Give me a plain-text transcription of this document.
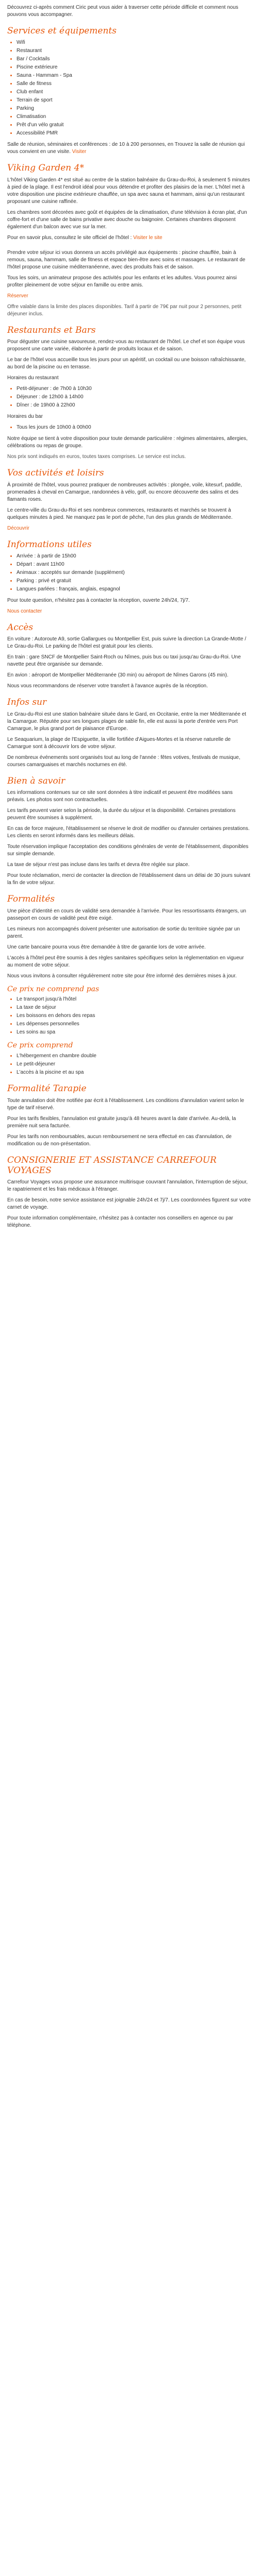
Découvrez ci-après comment Ciric peut vous aider à traverser cette période difficile et comment nous pouvons vous accompagner.

Services et équipements
• Wifi
• Restaurant
• Bar / Cocktails
• Piscine extérieure
• Sauna - Hammam - Spa
• Salle de fitness
• Club enfant
• Terrain de sport
• Parking
• Climatisation
• Prêt d'un vélo gratuit
• Accessibilité PMR

Salle de réunion, séminaires et conférences : de 10 à 200 personnes, en Trouvez la salle de réunion qui vous convient en une visite. Visiter

Viking Garden 4*

L'hôtel Viking Garden 4* est situé au centre de la station balnéaire du Grau-du-Roi, à seulement 5 minutes à pied de la plage. Il est l'endroit idéal pour vous détendre et profiter des plaisirs de la mer. L'hôtel met à votre disposition une piscine extérieure chauffée, un spa avec sauna et hammam, ainsi qu'un restaurant proposant une cuisine raffinée.

Les chambres sont décorées avec goût et équipées de la climatisation, d'une télévision à écran plat, d'un coffre-fort et d'une salle de bains privative avec douche ou baignoire. Certaines chambres disposent également d'un balcon avec vue sur la mer.

Pour en savoir plus, consultez le site officiel de l'hôtel : Visiter le site

Prendre votre séjour ici vous donnera un accès privilégié aux équipements : piscine chauffée, bain à remous, sauna, hammam, salle de fitness et espace bien-être avec soins et massages. Le restaurant de l'hôtel propose une cuisine méditerranéenne, avec des produits frais et de saison.

Tous les soirs, un animateur propose des activités pour les enfants et les adultes. Vous pourrez ainsi profiter pleinement de votre séjour en famille ou entre amis.

Réserver

Offre valable dans la limite des places disponibles. Tarif à partir de 79€ par nuit pour 2 personnes, petit déjeuner inclus.

Restaurants et Bars

Pour déguster une cuisine savoureuse, rendez-vous au restaurant de l'hôtel. Le chef et son équipe vous proposent une carte variée, élaborée à partir de produits locaux et de saison.

Le bar de l'hôtel vous accueille tous les jours pour un apéritif, un cocktail ou une boisson rafraîchissante, au bord de la piscine ou en terrasse.

Horaires du restaurant

• Petit-déjeuner : de 7h00 à 10h30
• Déjeuner : de 12h00 à 14h00
• Dîner : de 19h00 à 22h00

Horaires du bar

• Tous les jours de 10h00 à 00h00

Notre équipe se tient à votre disposition pour toute demande particulière : régimes alimentaires, allergies, célébrations ou repas de groupe.

Nos prix sont indiqués en euros, toutes taxes comprises. Le service est inclus.

Vos activités et loisirs

À proximité de l'hôtel, vous pourrez pratiquer de nombreuses activités : plongée, voile, kitesurf, paddle, promenades à cheval en Camargue, randonnées à vélo, golf, ou encore découverte des salins et des flamants roses.

Le centre-ville du Grau-du-Roi et ses nombreux commerces, restaurants et marchés se trouvent à quelques minutes à pied. Ne manquez pas le port de pêche, l'un des plus grands de Méditerranée.

Découvrir

Informations utiles
• Arrivée : à partir de 15h00
• Départ : avant 11h00
• Animaux : acceptés sur demande (supplément)
• Parking : privé et gratuit
• Langues parlées : français, anglais, espagnol

Pour toute question, n'hésitez pas à contacter la réception, ouverte 24h/24, 7j/7.

Nous contacter

Accès

En voiture : Autoroute A9, sortie Gallargues ou Montpellier Est, puis suivre la direction La Grande-Motte / Le Grau-du-Roi. Le parking de l'hôtel est gratuit pour les clients.

En train : gare SNCF de Montpellier Saint-Roch ou Nîmes, puis bus ou taxi jusqu'au Grau-du-Roi. Une navette peut être organisée sur demande.

En avion : aéroport de Montpellier Méditerranée (30 min) ou aéroport de Nîmes Garons (45 min).

Nous vous recommandons de réserver votre transfert à l'avance auprès de la réception.

Infos sur

Le Grau-du-Roi est une station balnéaire située dans le Gard, en Occitanie, entre la mer Méditerranée et la Camargue. Réputée pour ses longues plages de sable fin, elle est aussi la porte d'entrée vers Port Camargue, le plus grand port de plaisance d'Europe.

Le Seaquarium, la plage de l'Espiguette, la ville fortifiée d'Aigues-Mortes et la réserve naturelle de Camargue sont à découvrir lors de votre séjour.

De nombreux événements sont organisés tout au long de l'année : fêtes votives, festivals de musique, courses camarguaises et marchés nocturnes en été.

Bien à savoir

Les informations contenues sur ce site sont données à titre indicatif et peuvent être modifiées sans préavis. Les photos sont non contractuelles.

Les tarifs peuvent varier selon la période, la durée du séjour et la disponibilité. Certaines prestations peuvent être soumises à supplément.

En cas de force majeure, l'établissement se réserve le droit de modifier ou d'annuler certaines prestations. Les clients en seront informés dans les meilleurs délais.

Toute réservation implique l'acceptation des conditions générales de vente de l'établissement, disponibles sur simple demande.

La taxe de séjour n'est pas incluse dans les tarifs et devra être réglée sur place.

Pour toute réclamation, merci de contacter la direction de l'établissement dans un délai de 30 jours suivant la fin de votre séjour.

Formalités

Une pièce d'identité en cours de validité sera demandée à l'arrivée. Pour les ressortissants étrangers, un passeport en cours de validité peut être exigé.

Les mineurs non accompagnés doivent présenter une autorisation de sortie du territoire signée par un parent.

Une carte bancaire pourra vous être demandée à titre de garantie lors de votre arrivée.

L'accès à l'hôtel peut être soumis à des règles sanitaires spécifiques selon la réglementation en vigueur au moment de votre séjour.

Nous vous invitons à consulter régulièrement notre site pour être informé des dernières mises à jour.

Ce prix ne comprend pas
• Le transport jusqu'à l'hôtel
• La taxe de séjour
• Les boissons en dehors des repas
• Les dépenses personnelles
• Les soins au spa
Ce prix comprend
• L'hébergement en chambre double
• Le petit-déjeuner
• L'accès à la piscine et au spa
Formalité Tarapie

Toute annulation doit être notifiée par écrit à l'établissement. Les conditions d'annulation varient selon le type de tarif réservé.

Pour les tarifs flexibles, l'annulation est gratuite jusqu'à 48 heures avant la date d'arrivée. Au-delà, la première nuit sera facturée.

Pour les tarifs non remboursables, aucun remboursement ne sera effectué en cas d'annulation, de modification ou de non-présentation.

CONSIGNERIE ET ASSISTANCE CARREFOUR VOYAGES

Carrefour Voyages vous propose une assurance multirisque couvrant l'annulation, l'interruption de séjour, le rapatriement et les frais médicaux à l'étranger.

En cas de besoin, notre service assistance est joignable 24h/24 et 7j/7. Les coordonnées figurent sur votre carnet de voyage.

Pour toute information complémentaire, n'hésitez pas à contacter nos conseillers en agence ou par téléphone.
